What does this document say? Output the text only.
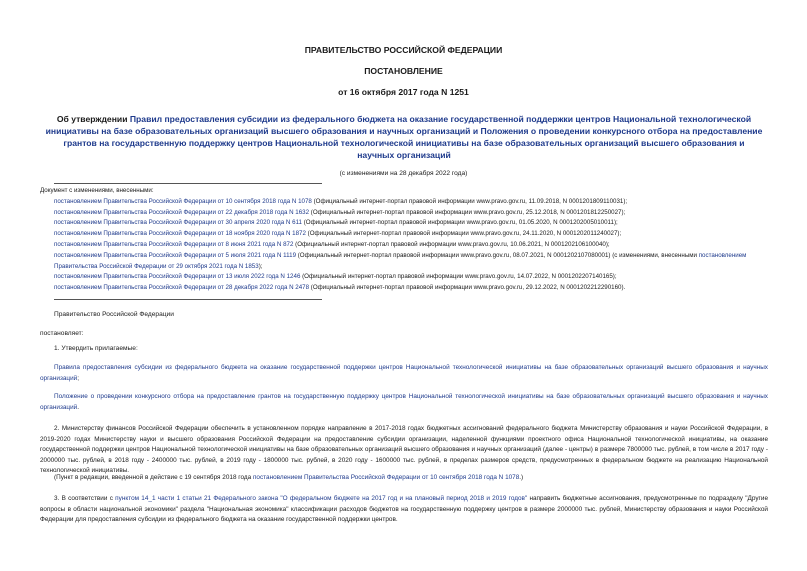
ПРАВИТЕЛЬСТВО РОССИЙСКОЙ ФЕДЕРАЦИИ
ПОСТАНОВЛЕНИЕ
от 16 октября 2017 года N 1251
Об утверждении Правил предоставления субсидии из федерального бюджета на оказание государственной поддержки центров Национальной технологической инициативы на базе образовательных организаций высшего образования и научных организаций и Положения о проведении конкурсного отбора на предоставление грантов на государственную поддержку центров Национальной технологической инициативы на базе образовательных организаций высшего образования и научных организаций
(с изменениями на 28 декабря 2022 года)
Документ с изменениями, внесенными:
постановлением Правительства Российской Федерации от 10 сентября 2018 года N 1078 (Официальный интернет-портал правовой информации www.pravo.gov.ru, 11.09.2018, N 0001201809110031);
постановлением Правительства Российской Федерации от 22 декабря 2018 года N 1632 (Официальный интернет-портал правовой информации www.pravo.gov.ru, 25.12.2018, N 0001201812250027);
постановлением Правительства Российской Федерации от 30 апреля 2020 года N 611 (Официальный интернет-портал правовой информации www.pravo.gov.ru, 01.05.2020, N 0001202005010011);
постановлением Правительства Российской Федерации от 18 ноября 2020 года N 1872 (Официальный интернет-портал правовой информации www.pravo.gov.ru, 24.11.2020, N 0001202011240027);
постановлением Правительства Российской Федерации от 8 июня 2021 года N 872 (Официальный интернет-портал правовой информации www.pravo.gov.ru, 10.06.2021, N 0001202106100040);
постановлением Правительства Российской Федерации от 5 июля 2021 года N 1119 (Официальный интернет-портал правовой информации www.pravo.gov.ru, 08.07.2021, N 0001202107080001) (с изменениями, внесенными постановлением Правительства Российской Федерации от 29 октября 2021 года N 1853);
постановлением Правительства Российской Федерации от 13 июля 2022 года N 1246 (Официальный интернет-портал правовой информации www.pravo.gov.ru, 14.07.2022, N 0001202207140165);
постановлением Правительства Российской Федерации от 28 декабря 2022 года N 2478 (Официальный интернет-портал правовой информации www.pravo.gov.ru, 29.12.2022, N 0001202212290160).
Правительство Российской Федерации
постановляет:
1. Утвердить прилагаемые:
Правила предоставления субсидии из федерального бюджета на оказание государственной поддержки центров Национальной технологической инициативы на базе образовательных организаций высшего образования и научных организаций;
Положение о проведении конкурсного отбора на предоставление грантов на государственную поддержку центров Национальной технологической инициативы на базе образовательных организаций высшего образования и научных организаций.
2. Министерству финансов Российской Федерации обеспечить в установленном порядке направление в 2017-2018 годах бюджетных ассигнований федерального бюджета Министерству образования и науки Российской Федерации, в 2019-2020 годах Министерству науки и высшего образования Российской Федерации на предоставление субсидии организации, наделенной функциями проектного офиса Национальной технологической инициативы, на оказание государственной поддержки центров Национальной технологической инициативы на базе образовательных организаций высшего образования и научных организаций (далее - центры) в размере 7800000 тыс. рублей, в том числе в 2017 году - 2000000 тыс. рублей, в 2018 году - 2400000 тыс. рублей, в 2019 году - 1800000 тыс. рублей, в 2020 году - 1600000 тыс. рублей, в пределах размеров средств, предусмотренных в федеральном бюджете на реализацию Национальной технологической инициативы.
(Пункт в редакции, введенной в действие с 19 сентября 2018 года постановлением Правительства Российской Федерации от 10 сентября 2018 года N 1078.)
3. В соответствии с пунктом 14_1 части 1 статьи 21 Федерального закона "О федеральном бюджете на 2017 год и на плановый период 2018 и 2019 годов" направить бюджетные ассигнования, предусмотренные по подразделу "Другие вопросы в области национальной экономики" раздела "Национальная экономика" классификации расходов бюджетов на государственную поддержку центров в размере 2000000 тыс. рублей, Министерству образования и науки Российской Федерации для предоставления субсидии из федерального бюджета на оказание государственной поддержки центров.
